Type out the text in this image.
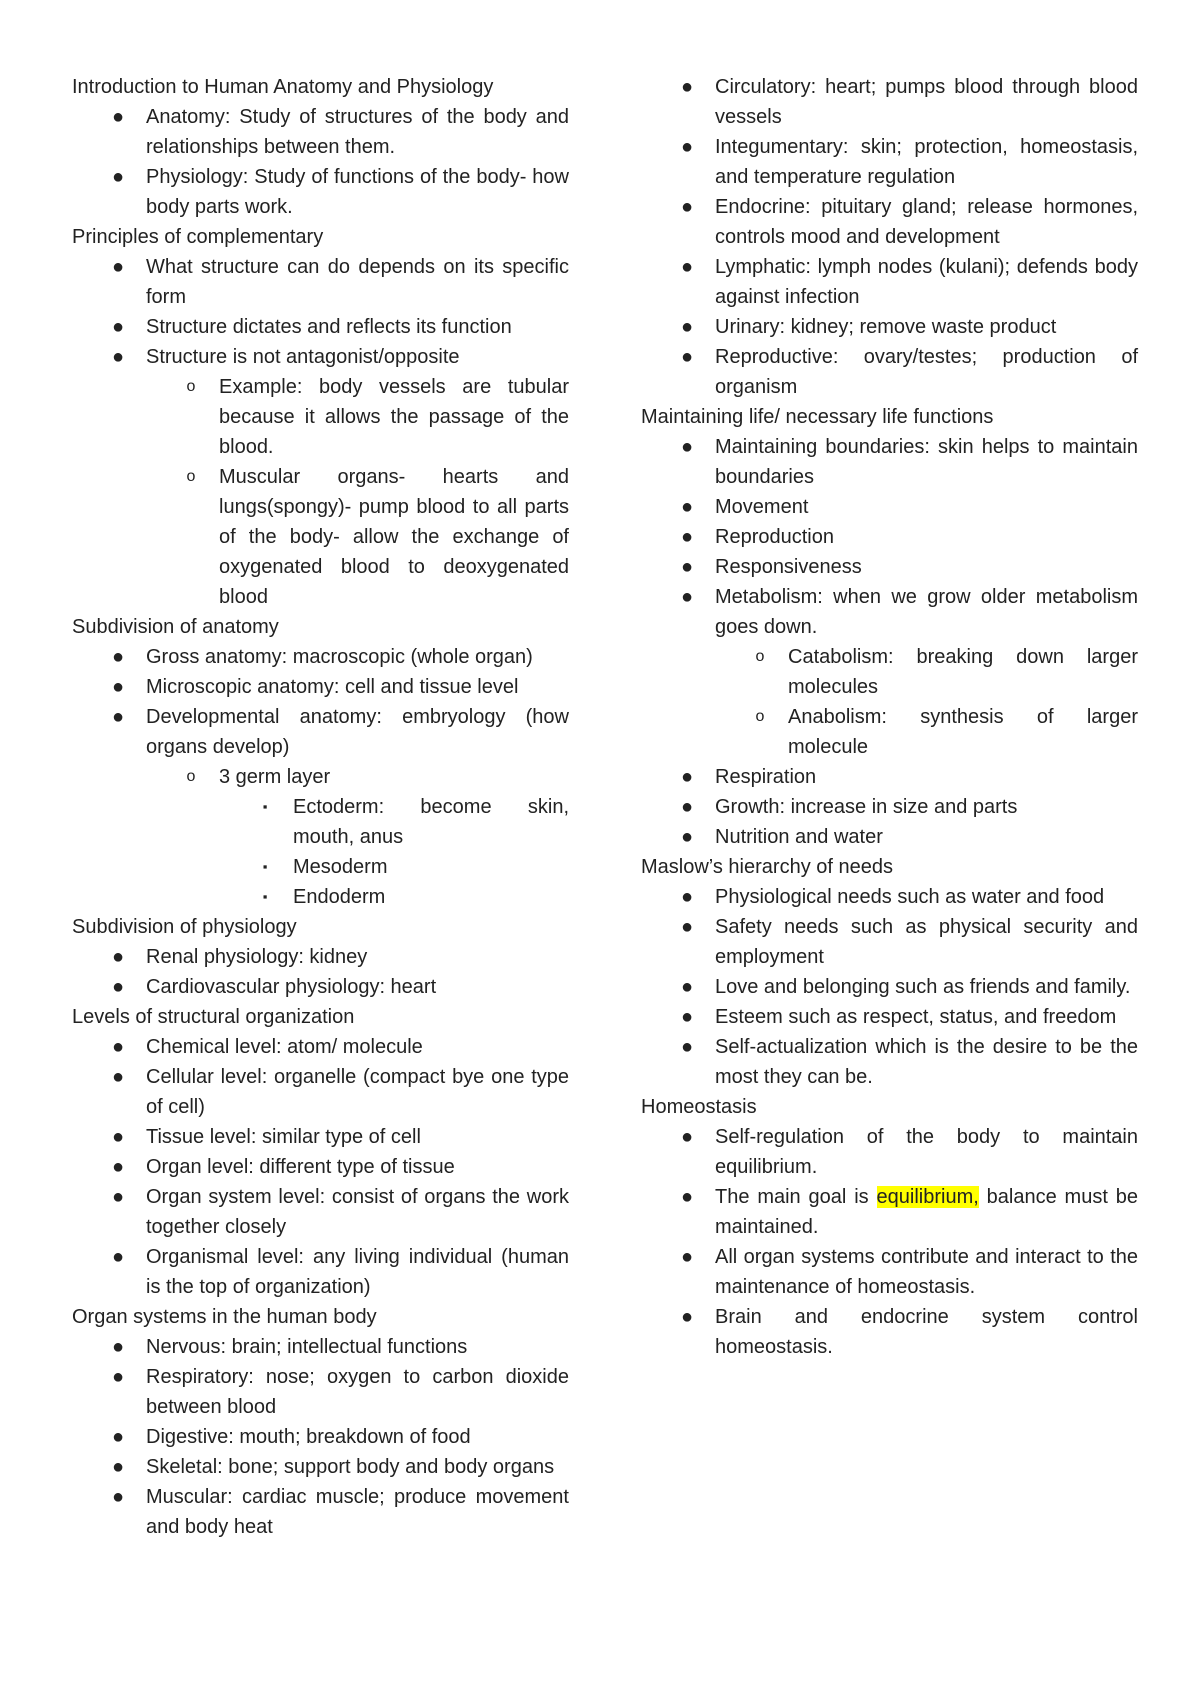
Introduction to Human Anatomy and Physiology
● Anatomy: Study of structures of the body and relationships between them.
● Physiology: Study of functions of the body- how body parts work.
Principles of complementary
● What structure can do depends on its specific form
● Structure dictates and reflects its function
● Structure is not antagonist/opposite
o	Example: body vessels are tubular because it allows the passage of the blood.
o	Muscular organs- hearts and lungs(spongy)- pump blood to all parts of the body- allow the exchange of oxygenated blood to deoxygenated blood
Subdivision of anatomy
● Gross anatomy: macroscopic (whole organ)
● Microscopic anatomy: cell and tissue level
● Developmental anatomy: embryology (how organs develop)
o	3 germ layer
▪	Ectoderm: become skin, mouth, anus
▪	Mesoderm
▪	Endoderm
Subdivision of physiology
● Renal physiology: kidney
● Cardiovascular physiology: heart
Levels of structural organization
● Chemical level: atom/ molecule
● Cellular level: organelle (compact bye one type of cell)
● Tissue level: similar type of cell
● Organ level: different type of tissue
● Organ system level: consist of organs the work together closely
● Organismal level: any living individual (human is the top of organization)
Organ systems in the human body
● Nervous: brain; intellectual functions
● Respiratory: nose; oxygen to carbon dioxide between blood
● Digestive: mouth; breakdown of food
● Skeletal: bone; support body and body organs
● Muscular: cardiac muscle; produce movement and body heat
● Circulatory: heart; pumps blood through blood vessels
● Integumentary: skin; protection, homeostasis, and temperature regulation
● Endocrine: pituitary gland; release hormones, controls mood and development
● Lymphatic: lymph nodes (kulani); defends body against infection
● Urinary: kidney; remove waste product
● Reproductive: ovary/testes; production of organism
Maintaining life/ necessary life functions
● Maintaining boundaries: skin helps to maintain boundaries
● Movement
● Reproduction
● Responsiveness
● Metabolism: when we grow older metabolism goes down.
o	Catabolism: breaking down larger molecules
o	Anabolism: synthesis of larger molecule
● Respiration
● Growth: increase in size and parts
● Nutrition and water
Maslow’s hierarchy of needs
● Physiological needs such as water and food
● Safety needs such as physical security and employment
● Love and belonging such as friends and family.
● Esteem such as respect, status, and freedom
● Self-actualization which is the desire to be the most they can be.
Homeostasis
● Self-regulation of the body to maintain equilibrium.
● The main goal is equilibrium, balance must be maintained.
● All organ systems contribute and interact to the maintenance of homeostasis.
● Brain and endocrine system control homeostasis.
